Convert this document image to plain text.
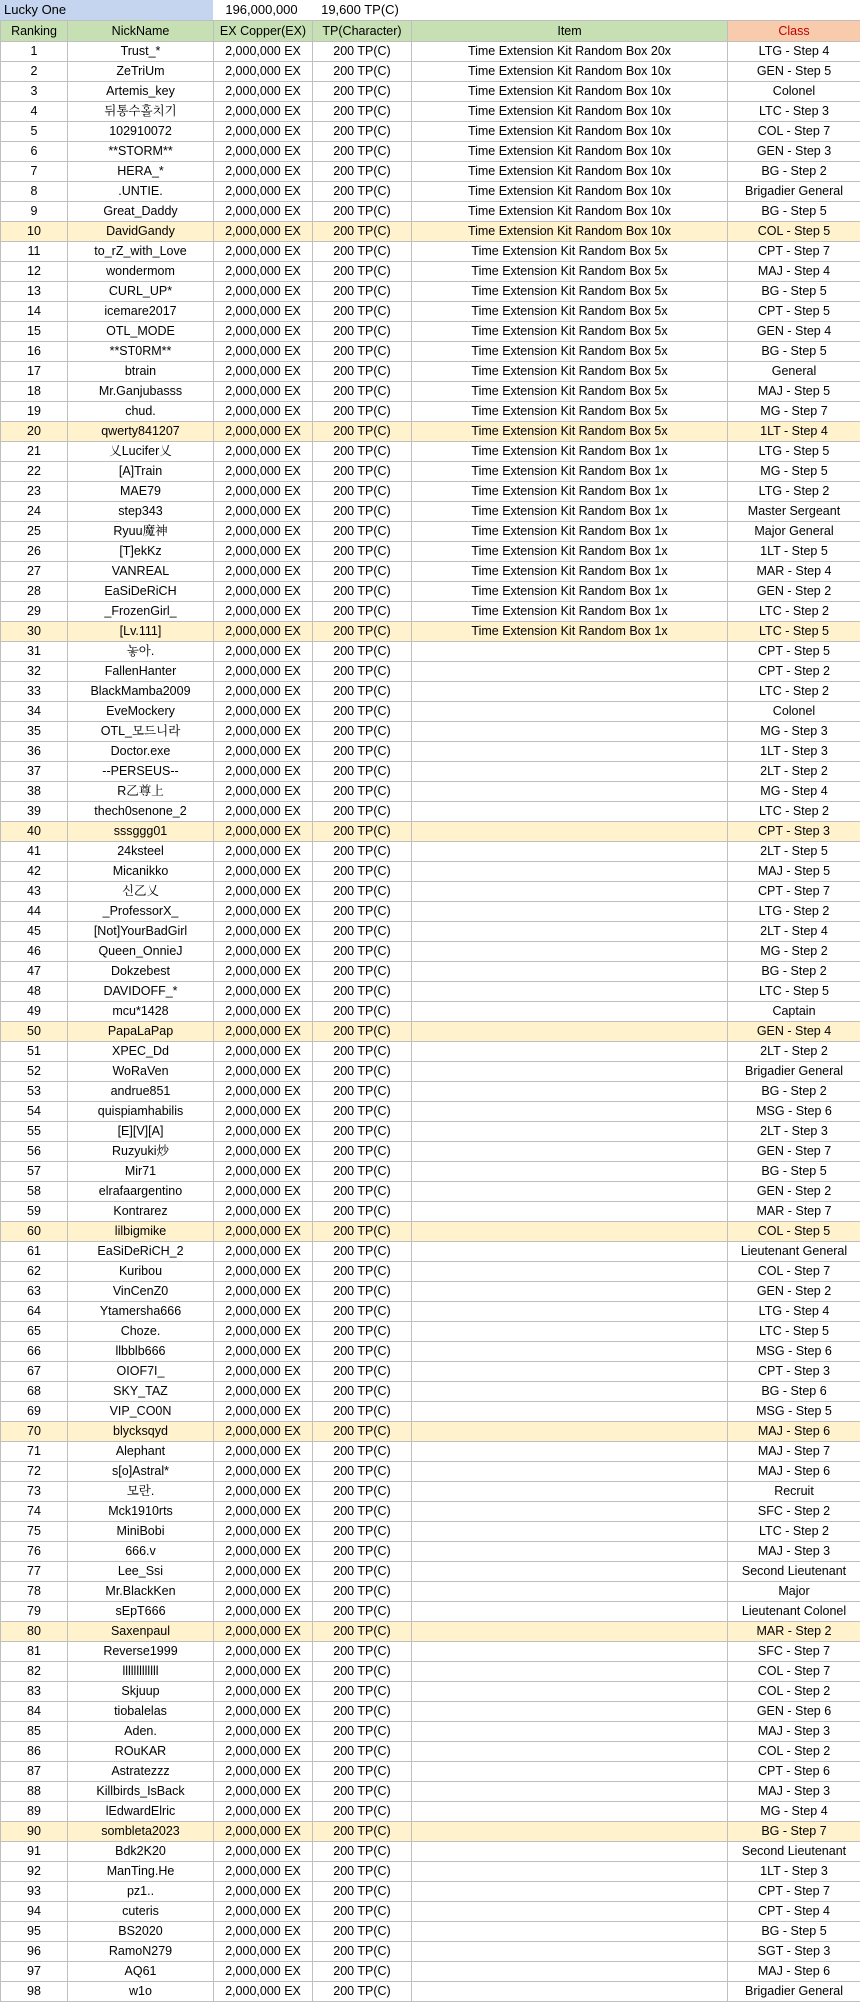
Lucky One	196,000,000	19,600 TP(C)
Ranking	NickName	EX Copper(EX)	TP(Character)	Item	Class
1	Trust_*	2,000,000 EX	200 TP(C)	Time Extension Kit Random Box 20x	LTG - Step 4
2	ZeTriUm	2,000,000 EX	200 TP(C)	Time Extension Kit Random Box 10x	GEN - Step 5
3	Artemis_key	2,000,000 EX	200 TP(C)	Time Extension Kit Random Box 10x	Colonel
4	뒤통수홀치기	2,000,000 EX	200 TP(C)	Time Extension Kit Random Box 10x	LTC - Step 3
5	102910072	2,000,000 EX	200 TP(C)	Time Extension Kit Random Box 10x	COL - Step 7
6	**STORM**	2,000,000 EX	200 TP(C)	Time Extension Kit Random Box 10x	GEN - Step 3
7	HERA_*	2,000,000 EX	200 TP(C)	Time Extension Kit Random Box 10x	BG - Step 2
8	.UNTIE.	2,000,000 EX	200 TP(C)	Time Extension Kit Random Box 10x	Brigadier General
9	Great_Daddy	2,000,000 EX	200 TP(C)	Time Extension Kit Random Box 10x	BG - Step 5
10	DavidGandy	2,000,000 EX	200 TP(C)	Time Extension Kit Random Box 10x	COL - Step 5
11	to_rZ_with_Love	2,000,000 EX	200 TP(C)	Time Extension Kit Random Box 5x	CPT - Step 7
12	wondermom	2,000,000 EX	200 TP(C)	Time Extension Kit Random Box 5x	MAJ - Step 4
13	CURL_UP*	2,000,000 EX	200 TP(C)	Time Extension Kit Random Box 5x	BG - Step 5
14	icemare2017	2,000,000 EX	200 TP(C)	Time Extension Kit Random Box 5x	CPT - Step 5
15	OTL_MODE	2,000,000 EX	200 TP(C)	Time Extension Kit Random Box 5x	GEN - Step 4
16	**ST0RM**	2,000,000 EX	200 TP(C)	Time Extension Kit Random Box 5x	BG - Step 5
17	btrain	2,000,000 EX	200 TP(C)	Time Extension Kit Random Box 5x	General
18	Mr.Ganjubasss	2,000,000 EX	200 TP(C)	Time Extension Kit Random Box 5x	MAJ - Step 5
19	chud.	2,000,000 EX	200 TP(C)	Time Extension Kit Random Box 5x	MG - Step 7
20	qwerty841207	2,000,000 EX	200 TP(C)	Time Extension Kit Random Box 5x	1LT - Step 4
21	乂Lucifer乂	2,000,000 EX	200 TP(C)	Time Extension Kit Random Box 1x	LTG - Step 5
22	[A]Train	2,000,000 EX	200 TP(C)	Time Extension Kit Random Box 1x	MG - Step 5
23	MAE79	2,000,000 EX	200 TP(C)	Time Extension Kit Random Box 1x	LTG - Step 2
24	step343	2,000,000 EX	200 TP(C)	Time Extension Kit Random Box 1x	Master Sergeant
25	Ryuu魔神	2,000,000 EX	200 TP(C)	Time Extension Kit Random Box 1x	Major General
26	[T]ekKz	2,000,000 EX	200 TP(C)	Time Extension Kit Random Box 1x	1LT - Step 5
27	VANREAL	2,000,000 EX	200 TP(C)	Time Extension Kit Random Box 1x	MAR - Step 4
28	EaSiDeRiCH	2,000,000 EX	200 TP(C)	Time Extension Kit Random Box 1x	GEN - Step 2
29	_FrozenGirl_	2,000,000 EX	200 TP(C)	Time Extension Kit Random Box 1x	LTC - Step 2
30	[Lv.111]	2,000,000 EX	200 TP(C)	Time Extension Kit Random Box 1x	LTC - Step 5
31	놓아.	2,000,000 EX	200 TP(C)		CPT - Step 5
32	FallenHanter	2,000,000 EX	200 TP(C)		CPT - Step 2
33	BlackMamba2009	2,000,000 EX	200 TP(C)		LTC - Step 2
34	EveMockery	2,000,000 EX	200 TP(C)		Colonel
35	OTL_모드니라	2,000,000 EX	200 TP(C)		MG - Step 3
36	Doctor.exe	2,000,000 EX	200 TP(C)		1LT - Step 3
37	--PERSEUS--	2,000,000 EX	200 TP(C)		2LT - Step 2
38	R乙尊上	2,000,000 EX	200 TP(C)		MG - Step 4
39	thech0senone_2	2,000,000 EX	200 TP(C)		LTC - Step 2
40	sssggg01	2,000,000 EX	200 TP(C)		CPT - Step 3
41	24ksteel	2,000,000 EX	200 TP(C)		2LT - Step 5
42	Micanikko	2,000,000 EX	200 TP(C)		MAJ - Step 5
43	신乙乂	2,000,000 EX	200 TP(C)		CPT - Step 7
44	_ProfessorX_	2,000,000 EX	200 TP(C)		LTG - Step 2
45	[Not]YourBadGirl	2,000,000 EX	200 TP(C)		2LT - Step 4
46	Queen_OnnieJ	2,000,000 EX	200 TP(C)		MG - Step 2
47	Dokzebest	2,000,000 EX	200 TP(C)		BG - Step 2
48	DAVIDOFF_*	2,000,000 EX	200 TP(C)		LTC - Step 5
49	mcu*1428	2,000,000 EX	200 TP(C)		Captain
50	PapaLaPap	2,000,000 EX	200 TP(C)		GEN - Step 4
51	XPEC_Dd	2,000,000 EX	200 TP(C)		2LT - Step 2
52	WoRaVen	2,000,000 EX	200 TP(C)		Brigadier General
53	andrue851	2,000,000 EX	200 TP(C)		BG - Step 2
54	quispiamhabilis	2,000,000 EX	200 TP(C)		MSG - Step 6
55	[E][V][A]	2,000,000 EX	200 TP(C)		2LT - Step 3
56	Ruzyuki炒	2,000,000 EX	200 TP(C)		GEN - Step 7
57	Mir71	2,000,000 EX	200 TP(C)		BG - Step 5
58	elrafaargentino	2,000,000 EX	200 TP(C)		GEN - Step 2
59	Kontrarez	2,000,000 EX	200 TP(C)		MAR - Step 7
60	lilbigmike	2,000,000 EX	200 TP(C)		COL - Step 5
61	EaSiDeRiCH_2	2,000,000 EX	200 TP(C)		Lieutenant General
62	Kuribou	2,000,000 EX	200 TP(C)		COL - Step 7
63	VinCenZ0	2,000,000 EX	200 TP(C)		GEN - Step 2
64	Ytamersha666	2,000,000 EX	200 TP(C)		LTG - Step 4
65	Choze.	2,000,000 EX	200 TP(C)		LTC - Step 5
66	llbblb666	2,000,000 EX	200 TP(C)		MSG - Step 6
67	OIOF7I_	2,000,000 EX	200 TP(C)		CPT - Step 3
68	SKY_TAZ	2,000,000 EX	200 TP(C)		BG - Step 6
69	VIP_CO0N	2,000,000 EX	200 TP(C)		MSG - Step 5
70	blycksqyd	2,000,000 EX	200 TP(C)		MAJ - Step 6
71	Alephant	2,000,000 EX	200 TP(C)		MAJ - Step 7
72	s[o]Astral*	2,000,000 EX	200 TP(C)		MAJ - Step 6
73	모란.	2,000,000 EX	200 TP(C)		Recruit
74	Mck1910rts	2,000,000 EX	200 TP(C)		SFC - Step 2
75	MiniBobi	2,000,000 EX	200 TP(C)		LTC - Step 2
76	666.v	2,000,000 EX	200 TP(C)		MAJ - Step 3
77	Lee_Ssi	2,000,000 EX	200 TP(C)		Second Lieutenant
78	Mr.BlackKen	2,000,000 EX	200 TP(C)		Major
79	sEpT666	2,000,000 EX	200 TP(C)		Lieutenant Colonel
80	Saxenpaul	2,000,000 EX	200 TP(C)		MAR - Step 2
81	Reverse1999	2,000,000 EX	200 TP(C)		SFC - Step 7
82	lllllllllllll	2,000,000 EX	200 TP(C)		COL - Step 7
83	Skjuup	2,000,000 EX	200 TP(C)		COL - Step 2
84	tiobalelas	2,000,000 EX	200 TP(C)		GEN - Step 6
85	Aden.	2,000,000 EX	200 TP(C)		MAJ - Step 3
86	ROuKAR	2,000,000 EX	200 TP(C)		COL - Step 2
87	Astratezzz	2,000,000 EX	200 TP(C)		CPT - Step 6
88	Killbirds_IsBack	2,000,000 EX	200 TP(C)		MAJ - Step 3
89	lEdwardElric	2,000,000 EX	200 TP(C)		MG - Step 4
90	sombleta2023	2,000,000 EX	200 TP(C)		BG - Step 7
91	Bdk2K20	2,000,000 EX	200 TP(C)		Second Lieutenant
92	ManTing.He	2,000,000 EX	200 TP(C)		1LT - Step 3
93	pz1..	2,000,000 EX	200 TP(C)		CPT - Step 7
94	cuteris	2,000,000 EX	200 TP(C)		CPT - Step 4
95	BS2020	2,000,000 EX	200 TP(C)		BG - Step 5
96	RamoN279	2,000,000 EX	200 TP(C)		SGT - Step 3
97	AQ61	2,000,000 EX	200 TP(C)		MAJ - Step 6
98	w1o	2,000,000 EX	200 TP(C)		Brigadier General
